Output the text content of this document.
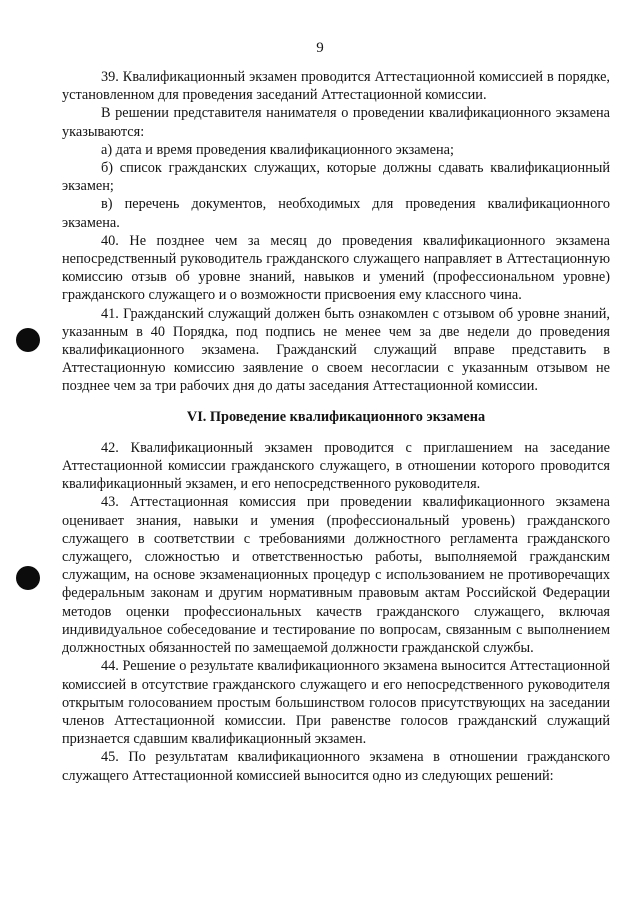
9

39. Квалификационный экзамен проводится Аттестационной комиссией в порядке, установленном для проведения заседаний Аттестационной комиссии.

В решении представителя нанимателя о проведении квалификационного экзамена указываются:

а) дата и время проведения квалификационного экзамена;

б) список гражданских служащих, которые должны сдавать квалификационный экзамен;

в) перечень документов, необходимых для проведения квалификационного экзамена.

40. Не позднее чем за месяц до проведения квалификационного экзамена непосредственный руководитель гражданского служащего направляет в Аттестационную комиссию отзыв об уровне знаний, навыков и умений (профессиональном уровне) гражданского служащего и о возможности присвоения ему классного чина.

41. Гражданский служащий должен быть ознакомлен с отзывом об уровне знаний, указанным в 40 Порядка, под подпись не менее чем за две недели до проведения квалификационного экзамена. Гражданский служащий вправе представить в Аттестационную комиссию заявление о своем несогласии с указанным отзывом не позднее чем за три рабочих дня до даты заседания Аттестационной комиссии.

VI. Проведение квалификационного экзамена

42. Квалификационный экзамен проводится с приглашением на заседание Аттестационной комиссии гражданского служащего, в отношении которого проводится квалификационный экзамен, и его непосредственного руководителя.

43. Аттестационная комиссия при проведении квалификационного экзамена оценивает знания, навыки и умения (профессиональный уровень) гражданского служащего в соответствии с требованиями должностного регламента гражданского служащего, сложностью и ответственностью работы, выполняемой гражданским служащим, на основе экзаменационных процедур с использованием не противоречащих федеральным законам и другим нормативным правовым актам Российской Федерации методов оценки профессиональных качеств гражданского служащего, включая индивидуальное собеседование и тестирование по вопросам, связанным с выполнением должностных обязанностей по замещаемой должности гражданской службы.

44. Решение о результате квалификационного экзамена выносится Аттестационной комиссией в отсутствие гражданского служащего и его непосредственного руководителя открытым голосованием простым большинством голосов присутствующих на заседании членов Аттестационной комиссии. При равенстве голосов гражданский служащий признается сдавшим квалификационный экзамен.

45. По результатам квалификационного экзамена в отношении гражданского служащего Аттестационной комиссией выносится одно из следующих решений:
